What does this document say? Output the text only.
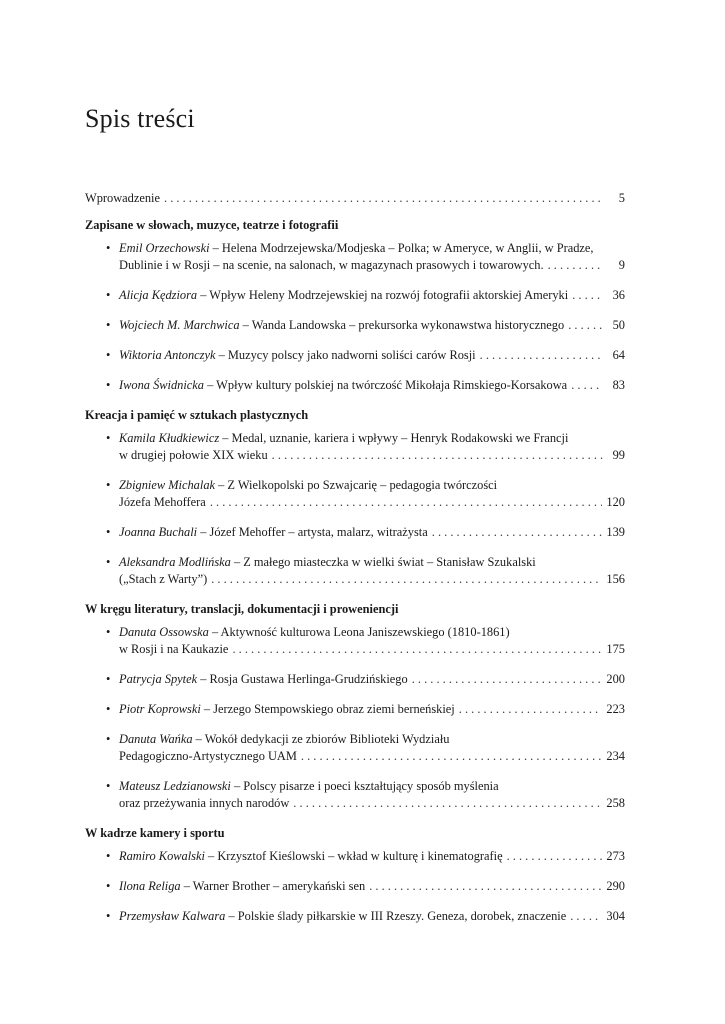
Spis treści
Wprowadzenie . . .	5
Zapisane w słowach, muzyce, teatrze i fotografii
• Emil Orzechowski – Helena Modrzejewska/Modjeska – Polka; w Ameryce, w Anglii, w Pradze,
Dublinie i w Rosji – na scenie, na salonach, w magazynach prasowych i towarowych. . . .	9
• Alicja Kędziora – Wpływ Heleny Modrzejewskiej na rozwój fotografii aktorskiej Ameryki . . .	36
• Wojciech M. Marchwica – Wanda Landowska – prekursorka wykonawstwa historycznego . . .	50
• Wiktoria Antonczyk – Muzycy polscy jako nadworni soliści carów Rosji . . .	64
• Iwona Świdnicka – Wpływ kultury polskiej na twórczość Mikołaja Rimskiego-Korsakowa . . .	83
Kreacja i pamięć w sztukach plastycznych
• Kamila Kłudkiewicz – Medal, uznanie, kariera i wpływy – Henryk Rodakowski we Francji
w drugiej połowie XIX wieku . . .	99
• Zbigniew Michalak – Z Wielkopolski po Szwajcarię – pedagogia twórczości
Józefa Mehoffera . . .	120
• Joanna Buchali – Józef Mehoffer – artysta, malarz, witrażysta . . .	139
• Aleksandra Modlińska – Z małego miasteczka w wielki świat – Stanisław Szukalski
(„Stach z Warty”) . . .	156
W kręgu literatury, translacji, dokumentacji i proweniencji
• Danuta Ossowska – Aktywność kulturowa Leona Janiszewskiego (1810-1861)
w Rosji i na Kaukazie . . .	175
• Patrycja Spytek – Rosja Gustawa Herlinga-Grudzińskiego . . .	200
• Piotr Koprowski – Jerzego Stempowskiego obraz ziemi berneńskiej . . .	223
• Danuta Wańka – Wokół dedykacji ze zbiorów Biblioteki Wydziału
Pedagogiczno-Artystycznego UAM . . .	234
• Mateusz Ledzianowski – Polscy pisarze i poeci kształtujący sposób myślenia
oraz przeżywania innych narodów . . .	258
W kadrze kamery i sportu
• Ramiro Kowalski – Krzysztof Kieślowski – wkład w kulturę i kinematografię . . .	273
• Ilona Religa – Warner Brother – amerykański sen . . .	290
• Przemysław Kalwara – Polskie ślady piłkarskie w III Rzeszy. Geneza, dorobek, znaczenie . . .	304
